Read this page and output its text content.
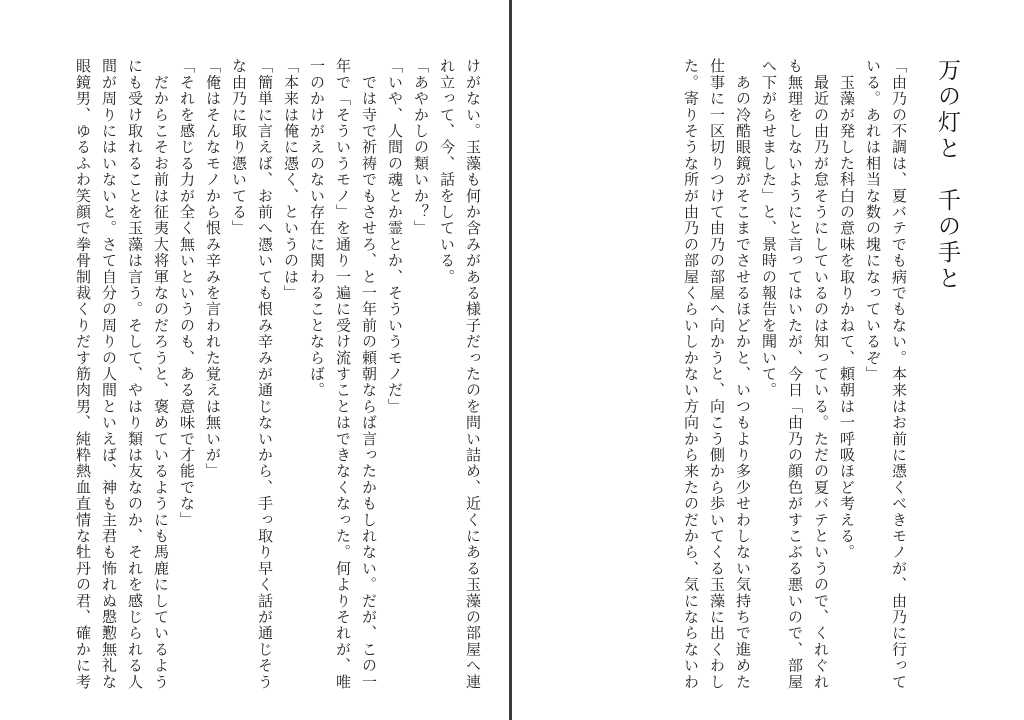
けがない。玉藻も何か含みがある様子だったのを問い詰め、近くにある玉藻の部屋へ連
れ立って、今、話をしている。
「あやかしの類いか？」
「いや、人間の魂とか霊とか、そういうモノだ」
　では寺で祈祷でもさせろ、と一年前の頼朝ならば言ったかもしれない。だが、この一
年で「そういうモノ」を通り一遍に受け流すことはできなくなった。何よりそれが、唯
一のかけがえのない存在に関わることならば。
「本来は俺に憑く、というのは」
「簡単に言えば、お前へ憑いても恨み辛みが通じないから、手っ取り早く話が通じそう
な由乃に取り憑いてる」
「俺はそんなモノから恨み辛みを言われた覚えは無いが」
「それを感じる力が全く無いというのも、ある意味で才能でな」
　だからこそお前は征夷大将軍なのだろうと、褒めているようにも馬鹿にしているよう
にも受け取れることを玉藻は言う。そして、やはり類は友なのか、それを感じられる人
間が周りにはいないと。さて自分の周りの人間といえば、神も主君も怖れぬ慇懃無礼な
眼鏡男、ゆるふわ笑顔で拳骨制裁くりだす筋肉男、純粋熱血直情な牡丹の君、確かに考	万の灯と　千の手と
「由乃の不調は、夏バテでも病でもない。本来はお前に憑くべきモノが、由乃に行って
いる。あれは相当な数の塊になっているぞ」
　玉藻が発した科白の意味を取りかねて、頼朝は一呼吸ほど考える。
　最近の由乃が怠そうにしているのは知っている。ただの夏バテというので、くれぐれ
も無理をしないようにと言ってはいたが、今日「由乃の顔色がすこぶる悪いので、部屋
へ下がらせました」と、景時の報告を聞いて。
　あの冷酷眼鏡がそこまでさせるほどかと、いつもより多少せわしない気持ちで進めた
仕事に一区切りつけて由乃の部屋へ向かうと、向こう側から歩いてくる玉藻に出くわし
た。寄りそうな所が由乃の部屋くらいしかない方向から来たのだから、気にならないわ
